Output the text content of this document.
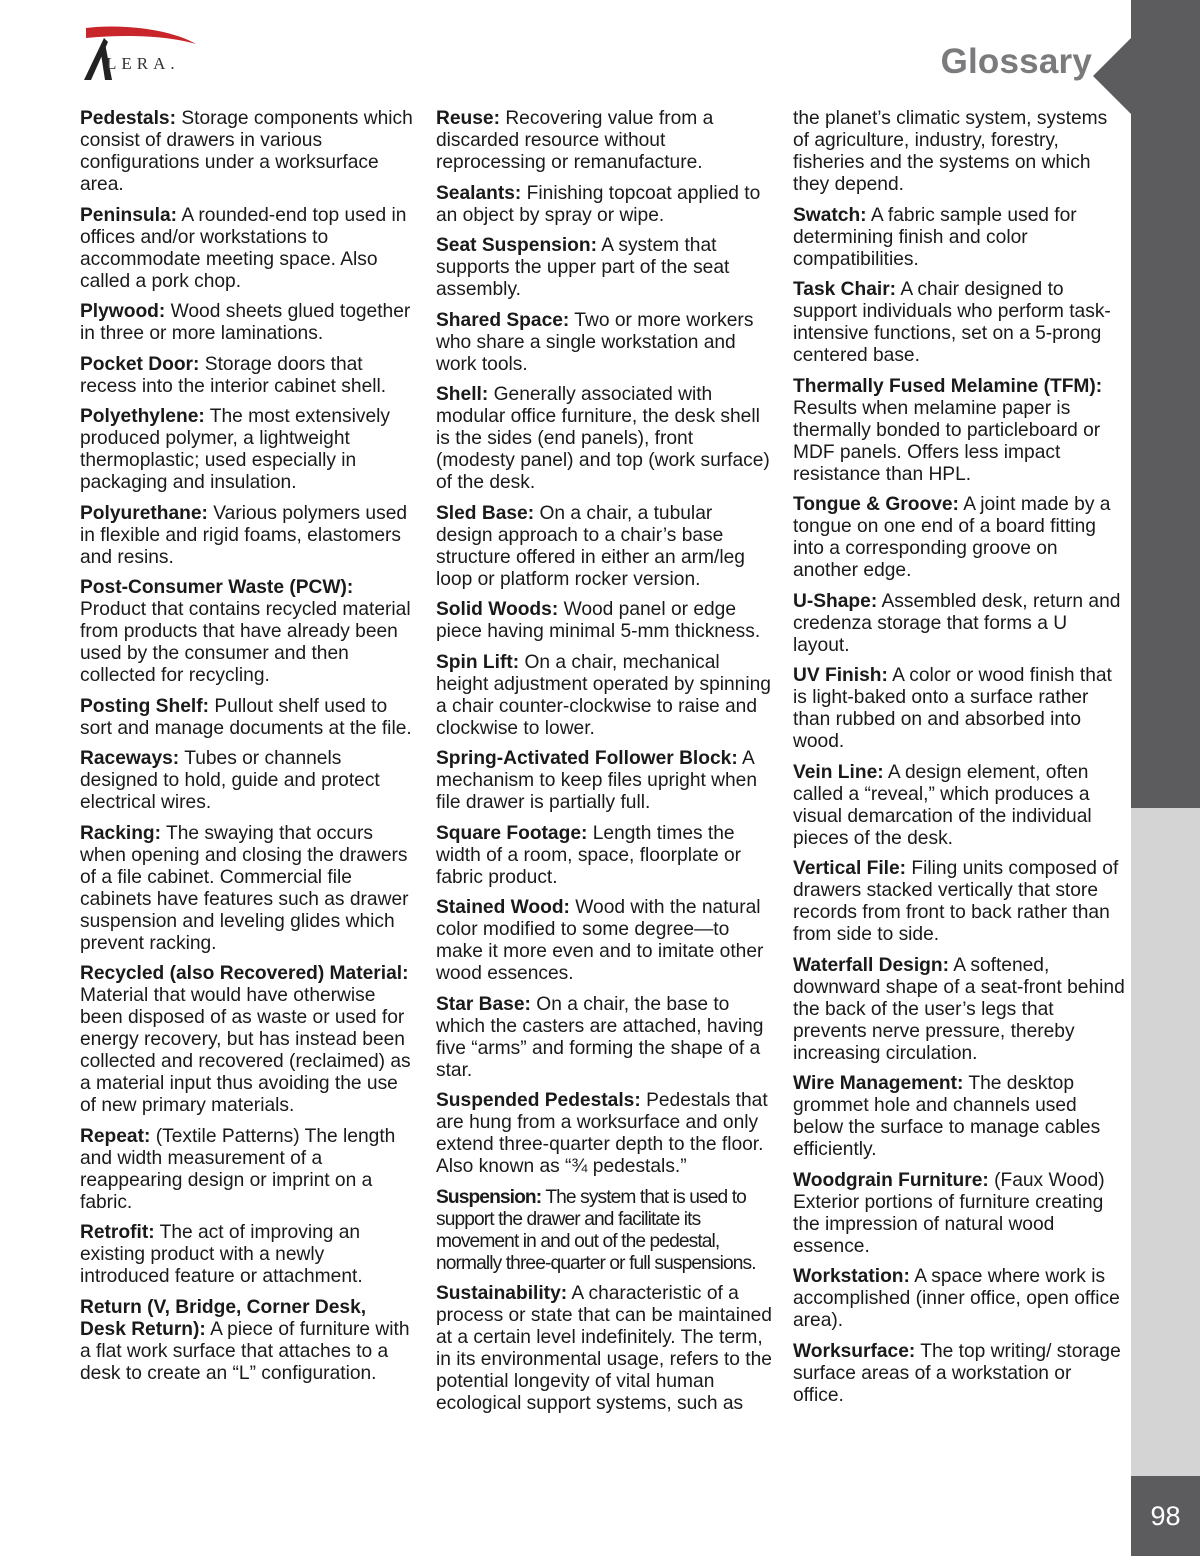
98
Glossary
LERA.

Pedestals: Storage components which consist of drawers in various configurations under a worksurface area.

Peninsula: A rounded-end top used in offices and/or workstations to accommodate meeting space. Also called a pork chop.

Plywood: Wood sheets glued together in three or more laminations.

Pocket Door: Storage doors that recess into the interior cabinet shell.

Polyethylene: The most extensively produced polymer, a lightweight thermoplastic; used especially in packaging and insulation.

Polyurethane: Various polymers used in flexible and rigid foams, elastomers and resins.

Post-Consumer Waste (PCW): Product that contains recycled material from products that have already been used by the consumer and then collected for recycling.

Posting Shelf: Pullout shelf used to sort and manage documents at the file.

Raceways: Tubes or channels designed to hold, guide and protect electrical wires.

Racking: The swaying that occurs when opening and closing the drawers of a file cabinet. Commercial file cabinets have features such as drawer suspension and leveling glides which prevent racking.

Recycled (also Recovered) Material: Material that would have otherwise been disposed of as waste or used for energy recovery, but has instead been collected and recovered (reclaimed) as a material input thus avoiding the use of new primary materials.

Repeat: (Textile Patterns) The length and width measurement of a reappearing design or imprint on a fabric.

Retrofit: The act of improving an existing product with a newly introduced feature or attachment.

Return (V, Bridge, Corner Desk, Desk Return): A piece of furniture with a flat work surface that attaches to a desk to create an “L” configuration.

Reuse: Recovering value from a discarded resource without reprocessing or remanufacture.

Sealants: Finishing topcoat applied to an object by spray or wipe.

Seat Suspension: A system that supports the upper part of the seat assembly.

Shared Space: Two or more workers who share a single workstation and work tools.

Shell: Generally associated with modular office furniture, the desk shell is the sides (end panels), front (modesty panel) and top (work surface) of the desk.

Sled Base: On a chair, a tubular design approach to a chair’s base structure offered in either an arm/leg loop or platform rocker version.

Solid Woods: Wood panel or edge piece having minimal 5-mm thickness.

Spin Lift: On a chair, mechanical height adjustment operated by spinning a chair counter-clockwise to raise and clockwise to lower.

Spring-Activated Follower Block: A mechanism to keep files upright when file drawer is partially full.

Square Footage: Length times the width of a room, space, floorplate or fabric product.

Stained Wood: Wood with the natural color modified to some degree—to make it more even and to imitate other wood essences.

Star Base: On a chair, the base to which the casters are attached, having five “arms” and forming the shape of a star.

Suspended Pedestals: Pedestals that are hung from a worksurface and only extend three-quarter depth to the floor. Also known as “¾ pedestals.”

Suspension: The system that is used to support the drawer and facilitate its movement in and out of the pedestal, normally three-quarter or full suspensions.

Sustainability: A characteristic of a process or state that can be maintained at a certain level indefinitely. The term, in its environmental usage, refers to the potential longevity of vital human ecological support systems, such as

the planet’s climatic system, systems of agriculture, industry, forestry, fisheries and the systems on which they depend.

Swatch: A fabric sample used for determining finish and color compatibilities.

Task Chair: A chair designed to support individuals who perform task-intensive functions, set on a 5-prong centered base.

Thermally Fused Melamine (TFM): Results when melamine paper is thermally bonded to particleboard or MDF panels. Offers less impact resistance than HPL.

Tongue & Groove: A joint made by a tongue on one end of a board fitting into a corresponding groove on another edge.

U-Shape: Assembled desk, return and credenza storage that forms a U layout.

UV Finish: A color or wood finish that is light-baked onto a surface rather than rubbed on and absorbed into wood.

Vein Line: A design element, often called a “reveal,” which produces a visual demarcation of the individual pieces of the desk.

Vertical File: Filing units composed of drawers stacked vertically that store records from front to back rather than from side to side.

Waterfall Design: A softened, downward shape of a seat-front behind the back of the user’s legs that prevents nerve pressure, thereby increasing circulation.

Wire Management: The desktop grommet hole and channels used below the surface to manage cables efficiently.

Woodgrain Furniture: (Faux Wood) Exterior portions of furniture creating the impression of natural wood essence.

Workstation: A space where work is accomplished (inner office, open office area).

Worksurface: The top writing/ storage surface areas of a workstation or office.
